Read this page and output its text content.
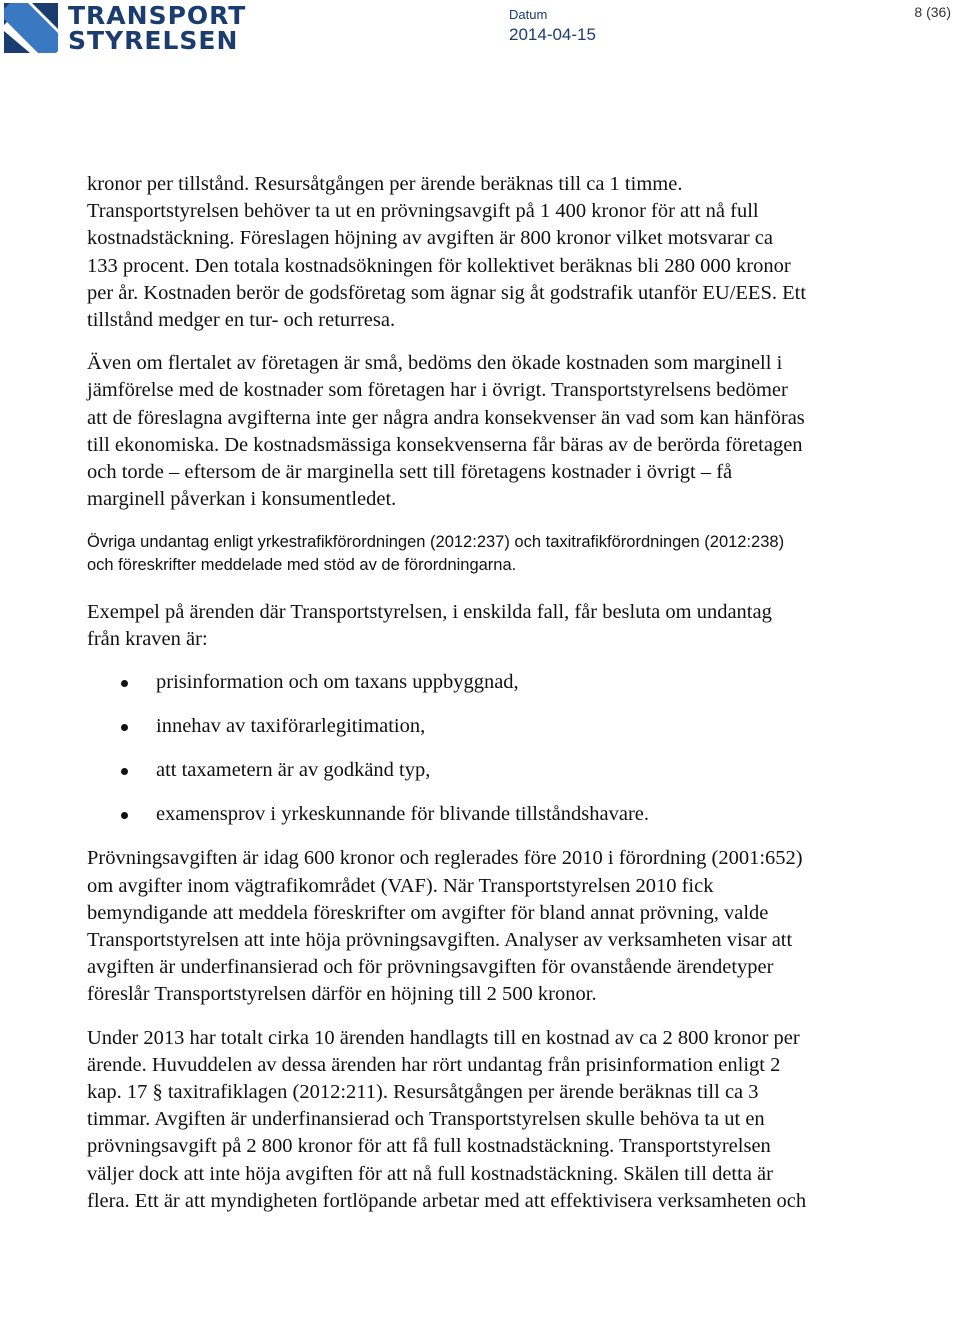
TRANSPORT
STYRELSEN
Datum
2014-04-15
8 (36)

kronor per tillstånd. Resursåtgången per ärende beräknas till ca 1 timme. Transportstyrelsen behöver ta ut en prövningsavgift på 1 400 kronor för att nå full kostnadstäckning. Föreslagen höjning av avgiften är 800 kronor vilket motsvarar ca 133 procent. Den totala kostnadsökningen för kollektivet beräknas bli 280 000 kronor per år. Kostnaden berör de godsföretag som ägnar sig åt godstrafik utanför EU/EES. Ett tillstånd medger en tur- och returresa.

Även om flertalet av företagen är små, bedöms den ökade kostnaden som marginell i jämförelse med de kostnader som företagen har i övrigt. Transportstyrelsens bedömer att de föreslagna avgifterna inte ger några andra konsekvenser än vad som kan hänföras till ekonomiska. De kostnadsmässiga konsekvenserna får bäras av de berörda företagen och torde – eftersom de är marginella sett till företagens kostnader i övrigt – få marginell påverkan i konsumentledet.

Övriga undantag enligt yrkestrafikförordningen (2012:237) och taxitrafikförordningen (2012:238) och föreskrifter meddelade med stöd av de förordningarna.

Exempel på ärenden där Transportstyrelsen, i enskilda fall, får besluta om undantag från kraven är:

prisinformation och om taxans uppbyggnad,
innehav av taxiförarlegitimation,
att taxametern är av godkänd typ,
examensprov i yrkeskunnande för blivande tillståndshavare.

Prövningsavgiften är idag 600 kronor och reglerades före 2010 i förordning (2001:652) om avgifter inom vägtrafikområdet (VAF). När Transportstyrelsen 2010 fick bemyndigande att meddela föreskrifter om avgifter för bland annat prövning, valde Transportstyrelsen att inte höja prövningsavgiften. Analyser av verksamheten visar att avgiften är underfinansierad och för prövningsavgiften för ovanstående ärendetyper föreslår Transportstyrelsen därför en höjning till 2 500 kronor.

Under 2013 har totalt cirka 10 ärenden handlagts till en kostnad av ca 2 800 kronor per ärende. Huvuddelen av dessa ärenden har rört undantag från prisinformation enligt 2 kap. 17 § taxitrafiklagen (2012:211). Resursåtgången per ärende beräknas till ca 3 timmar. Avgiften är underfinansierad och Transportstyrelsen skulle behöva ta ut en prövningsavgift på 2 800 kronor för att få full kostnadstäckning. Transportstyrelsen väljer dock att inte höja avgiften för att nå full kostnadstäckning. Skälen till detta är flera. Ett är att myndigheten fortlöpande arbetar med att effektivisera verksamheten och
